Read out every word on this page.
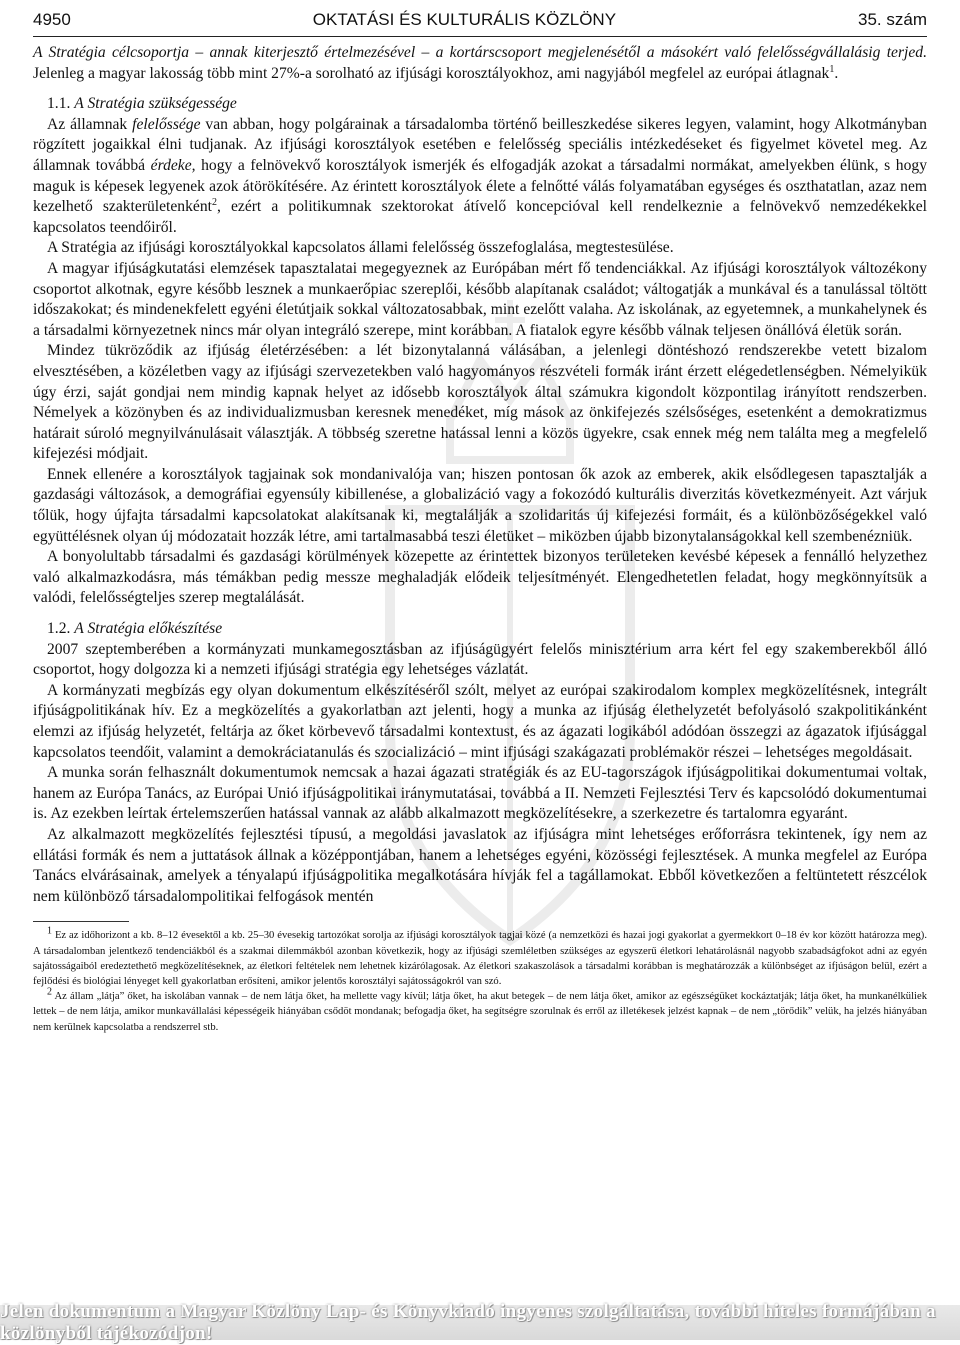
4950	OKTATÁSI ÉS KULTURÁLIS KÖZLÖNY	35. szám

A Stratégia célcsoportja – annak kiterjesztő értelmezésével – a kortárscsoport megjelenésétől a másokért való felelősségvállalásig terjed. Jelenleg a magyar lakosság több mint 27%-a sorolható az ifjúsági korosztályokhoz, ami nagyjából megfelel az európai átlagnak$^1$.

1.1. A Stratégia szükségessége

Az államnak felelőssége van abban, hogy polgárainak a társadalomba történő beilleszkedése sikeres legyen, valamint, hogy Alkotmányban rögzített jogaikkal élni tudjanak. Az ifjúsági korosztályok esetében e felelősség speciális intézkedéseket és figyelmet követel meg. Az államnak továbbá érdeke, hogy a felnövekvő korosztályok ismerjék és elfogadják azokat a társadalmi normákat, amelyekben élünk, s hogy maguk is képesek legyenek azok átörökítésére. Az érintett korosztályok élete a felnőtté válás folyamatában egységes és oszthatatlan, azaz nem kezelhető szakterületenként$^2$, ezért a politikumnak szektorokat átívelő koncepcióval kell rendelkeznie a felnövekvő nemzedékekkel kapcsolatos teendőiről.

A Stratégia az ifjúsági korosztályokkal kapcsolatos állami felelősség összefoglalása, megtestesülése.

A magyar ifjúságkutatási elemzések tapasztalatai megegyeznek az Európában mért fő tendenciákkal. Az ifjúsági korosztályok változékony csoportot alkotnak, egyre később lesznek a munkaerőpiac szereplői, később alapítanak családot; váltogatják a munkával és a tanulással töltött időszakokat; és mindenekfelett egyéni életútjaik sokkal változatosabbak, mint ezelőtt valaha. Az iskolának, az egyetemnek, a munkahelynek és a társadalmi környezetnek nincs már olyan integráló szerepe, mint korábban. A fiatalok egyre később válnak teljesen önállóvá életük során.

Mindez tükröződik az ifjúság életérzésében: a lét bizonytalanná válásában, a jelenlegi döntéshozó rendszerekbe vetett bizalom elvesztésében, a közéletben vagy az ifjúsági szervezetekben való hagyományos részvételi formák iránt érzett elégedetlenségben. Némelyikük úgy érzi, saját gondjai nem mindig kapnak helyet az idősebb korosztályok által számukra kigondolt központilag irányított rendszerben. Némelyek a közönyben és az individualizmusban keresnek menedéket, míg mások az önkifejezés szélsőséges, esetenként a demokratizmus határait súroló megnyilvánulásait választják. A többség szeretne hatással lenni a közös ügyekre, csak ennek még nem találta meg a megfelelő kifejezési módjait.

Ennek ellenére a korosztályok tagjainak sok mondanivalója van; hiszen pontosan ők azok az emberek, akik elsődlegesen tapasztalják a gazdasági változások, a demográfiai egyensúly kibillenése, a globalizáció vagy a fokozódó kulturális diverzitás következményeit. Azt várjuk tőlük, hogy újfajta társadalmi kapcsolatokat alakítsanak ki, megtalálják a szolidaritás új kifejezési formáit, és a különbözőségekkel való együttélésnek olyan új módozatait hozzák létre, ami tartalmasabbá teszi életüket – miközben újabb bizonytalanságokkal kell szembenézniük.

A bonyolultabb társadalmi és gazdasági körülmények közepette az érintettek bizonyos területeken kevésbé képesek a fennálló helyzethez való alkalmazkodásra, más témákban pedig messze meghaladják elődeik teljesítményét. Elengedhetetlen feladat, hogy megkönnyítsük a valódi, felelősségteljes szerep megtalálását.

1.2. A Stratégia előkészítése

2007 szeptemberében a kormányzati munkamegosztásban az ifjúságügyért felelős minisztérium arra kért fel egy szakemberekből álló csoportot, hogy dolgozza ki a nemzeti ifjúsági stratégia egy lehetséges vázlatát.

A kormányzati megbízás egy olyan dokumentum elkészítéséről szólt, melyet az európai szakirodalom komplex megközelítésnek, integrált ifjúságpolitikának hív. Ez a megközelítés a gyakorlatban azt jelenti, hogy a munka az ifjúság élethelyzetét befolyásoló szakpolitikánként elemzi az ifjúság helyzetét, feltárja az őket körbevevő társadalmi kontextust, és az ágazati logikából adódóan összegzi az ágazatok ifjúsággal kapcsolatos teendőit, valamint a demokráciatanulás és szocializáció – mint ifjúsági szakágazati problémakör részei – lehetséges megoldásait.

A munka során felhasznált dokumentumok nemcsak a hazai ágazati stratégiák és az EU-tagországok ifjúságpolitikai dokumentumai voltak, hanem az Európa Tanács, az Európai Unió ifjúságpolitikai iránymutatásai, továbbá a II. Nemzeti Fejlesztési Terv és kapcsolódó dokumentumai is. Az ezekben leírtak értelemszerűen hatással vannak az alább alkalmazott megközelítésekre, a szerkezetre és tartalomra egyaránt.

Az alkalmazott megközelítés fejlesztési típusú, a megoldási javaslatok az ifjúságra mint lehetséges erőforrásra tekintenek, így nem az ellátási formák és nem a juttatások állnak a középpontjában, hanem a lehetséges egyéni, közösségi fejlesztések. A munka megfelel az Európa Tanács elvárásainak, amelyek a tényalapú ifjúságpolitika megalkotására hívják fel a tagállamokat. Ebből következően a feltüntetett részcélok nem különböző társadalompolitikai felfogások mentén

$^1$ Ez az időhorizont a kb. 8–12 évesektől a kb. 25–30 évesekig tartozókat sorolja az ifjúsági korosztályok tagjai közé (a nemzetközi és hazai jogi gyakorlat a gyermekkort 0–18 év kor között határozza meg). A társadalomban jelentkező tendenciákból és a szakmai dilemmákból azonban következik, hogy az ifjúsági szemléletben szükséges az egyszerű életkori lehatárolásnál nagyobb szabadságfokot adni az egyén sajátosságaiból eredeztethető megközelítéseknek, az életkori feltételek nem lehetnek kizárólagosak. Az életkori szakaszolások a társadalmi korábban is meghatározzák a különbséget az ifjúságon belül, ezért a fejlődési és biológiai lényeget kell gyakorlatban erősíteni, amikor jelentős korosztályi sajátosságokról van szó.

$^2$ Az állam „látja” őket, ha iskolában vannak – de nem látja őket, ha mellette vagy kívül; látja őket, ha akut betegek – de nem látja őket, amikor az egészségüket kockáztatják; látja őket, ha munkanélküliek lettek – de nem látja, amikor munkavállalási képességeik hiányában csődöt mondanak; befogadja őket, ha segítségre szorulnak és erről az illetékesek jelzést kapnak – de nem „törődik” velük, ha jelzés hiányában nem kerülnek kapcsolatba a rendszerrel stb.

Jelen dokumentum a Magyar Közlöny Lap- és Könyvkiadó ingyenes szolgáltatása, további hiteles formájában a közlönyből tájékozódjon!
